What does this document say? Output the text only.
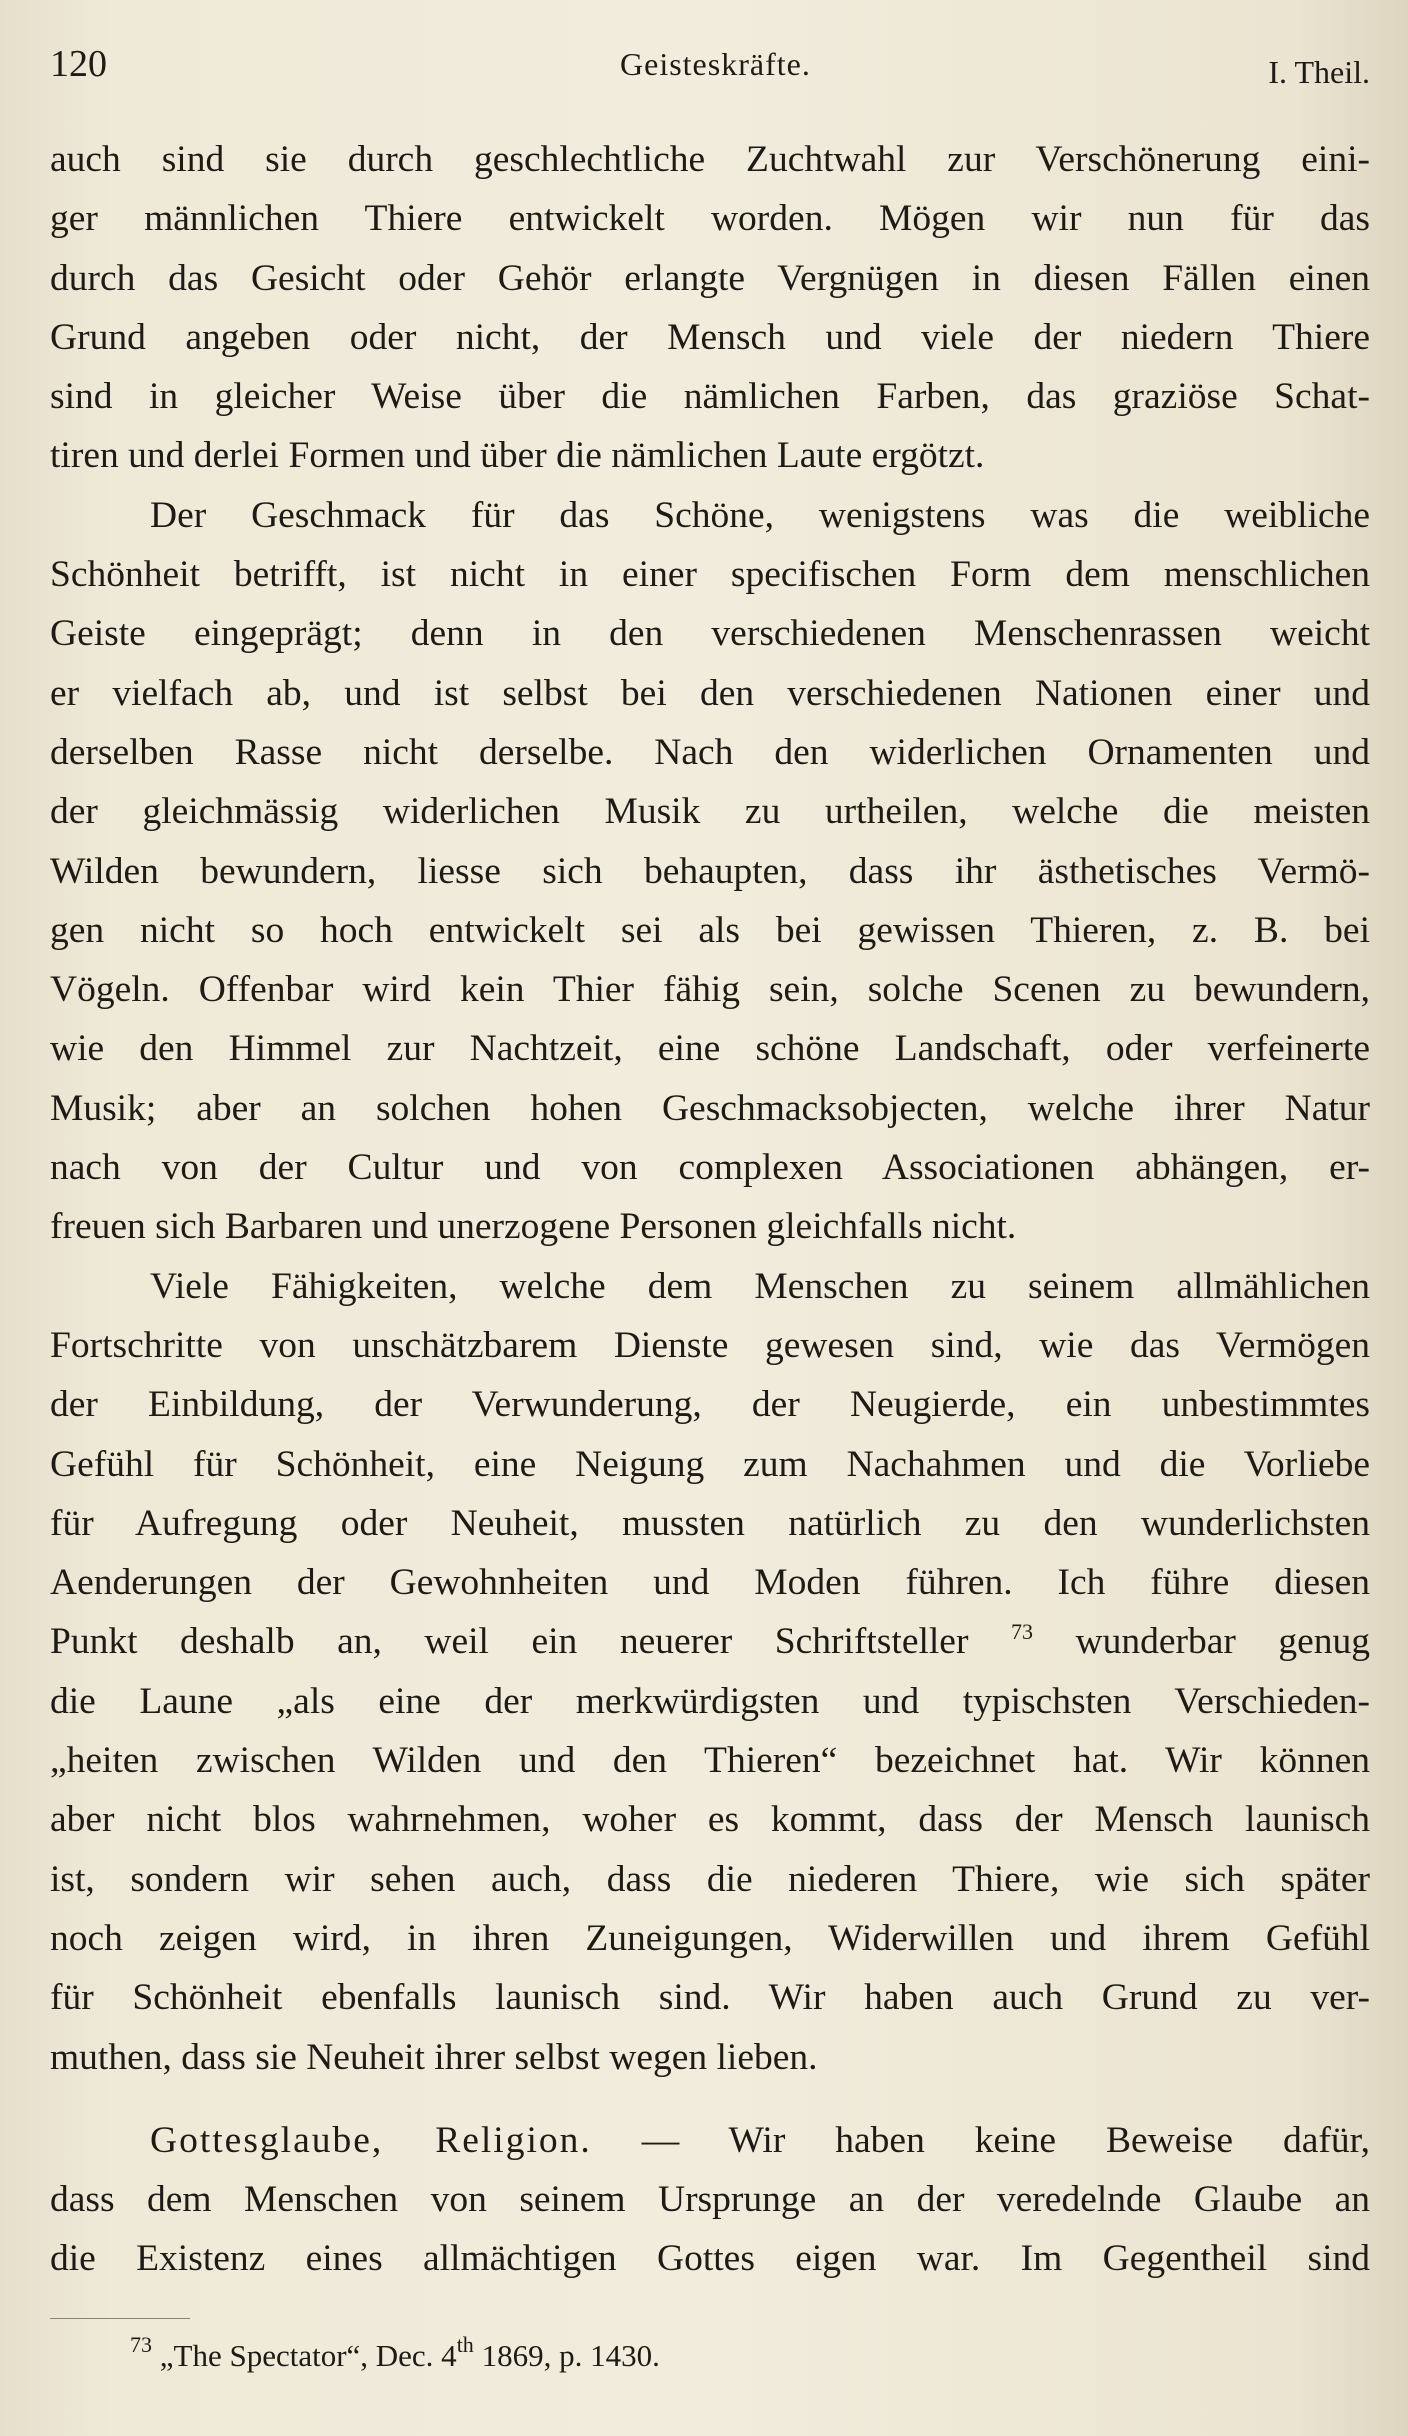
120	Geisteskräfte.	I. Theil.
auch sind sie durch geschlechtliche Zuchtwahl zur Verschönerung eini-
ger männlichen Thiere entwickelt worden. Mögen wir nun für das
durch das Gesicht oder Gehör erlangte Vergnügen in diesen Fällen einen
Grund angeben oder nicht, der Mensch und viele der niedern Thiere
sind in gleicher Weise über die nämlichen Farben, das graziöse Schat-
tiren und derlei Formen und über die nämlichen Laute ergötzt.
Der Geschmack für das Schöne, wenigstens was die weibliche
Schönheit betrifft, ist nicht in einer specifischen Form dem menschlichen
Geiste eingeprägt; denn in den verschiedenen Menschenrassen weicht
er vielfach ab, und ist selbst bei den verschiedenen Nationen einer und
derselben Rasse nicht derselbe. Nach den widerlichen Ornamenten und
der gleichmässig widerlichen Musik zu urtheilen, welche die meisten
Wilden bewundern, liesse sich behaupten, dass ihr ästhetisches Vermö-
gen nicht so hoch entwickelt sei als bei gewissen Thieren, z. B. bei
Vögeln. Offenbar wird kein Thier fähig sein, solche Scenen zu bewundern,
wie den Himmel zur Nachtzeit, eine schöne Landschaft, oder verfeinerte
Musik; aber an solchen hohen Geschmacksobjecten, welche ihrer Natur
nach von der Cultur und von complexen Associationen abhängen, er-
freuen sich Barbaren und unerzogene Personen gleichfalls nicht.
Viele Fähigkeiten, welche dem Menschen zu seinem allmählichen
Fortschritte von unschätzbarem Dienste gewesen sind, wie das Vermögen
der Einbildung, der Verwunderung, der Neugierde, ein unbestimmtes
Gefühl für Schönheit, eine Neigung zum Nachahmen und die Vorliebe
für Aufregung oder Neuheit, mussten natürlich zu den wunderlichsten
Aenderungen der Gewohnheiten und Moden führen. Ich führe diesen
Punkt deshalb an, weil ein neuerer Schriftsteller $^{73}$ wunderbar genug
die Laune „als eine der merkwürdigsten und typischsten Verschieden-
„heiten zwischen Wilden und den Thieren“ bezeichnet hat. Wir können
aber nicht blos wahrnehmen, woher es kommt, dass der Mensch launisch
ist, sondern wir sehen auch, dass die niederen Thiere, wie sich später
noch zeigen wird, in ihren Zuneigungen, Widerwillen und ihrem Gefühl
für Schönheit ebenfalls launisch sind. Wir haben auch Grund zu ver-
muthen, dass sie Neuheit ihrer selbst wegen lieben.
Gottesglaube, Religion. — Wir haben keine Beweise dafür,
dass dem Menschen von seinem Ursprunge an der veredelnde Glaube an
die Existenz eines allmächtigen Gottes eigen war. Im Gegentheil sind
$^{73}$ „The Spectator“, Dec. 4th 1869, p. 1430.
